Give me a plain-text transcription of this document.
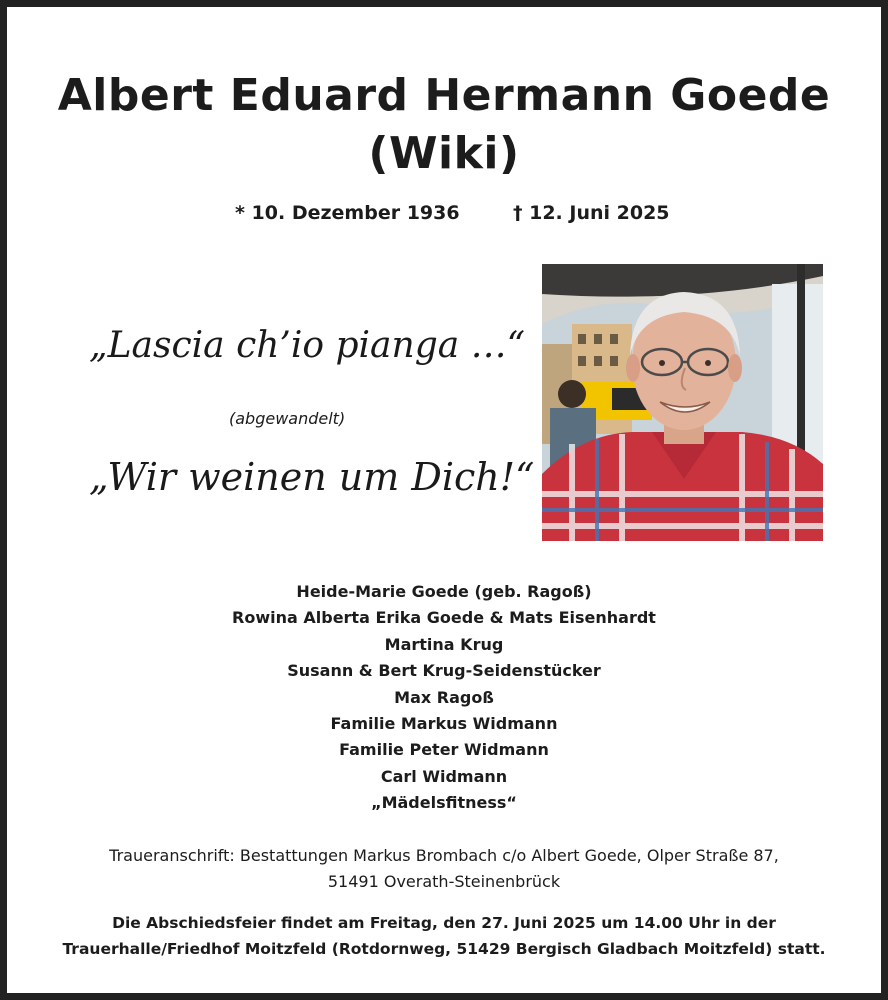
Albert Eduard Hermann Goede
(Wiki)
* 10. Dezember 1936	† 12. Juni 2025
„Lascia ch’io pianga …“
(abgewandelt)
„Wir weinen um Dich!“
Heide-Marie Goede (geb. Ragoß)
Rowina Alberta Erika Goede & Mats Eisenhardt
Martina Krug
Susann & Bert Krug-Seidenstücker
Max Ragoß
Familie Markus Widmann
Familie Peter Widmann
Carl Widmann
„Mädelsfitness“
Traueranschrift: Bestattungen Markus Brombach c/o Albert Goede, Olper Straße 87,
51491 Overath-Steinenbrück
Die Abschiedsfeier findet am Freitag, den 27. Juni 2025 um 14.00 Uhr in der
Trauerhalle/Friedhof Moitzfeld (Rotdornweg, 51429 Bergisch Gladbach Moitzfeld) statt.
